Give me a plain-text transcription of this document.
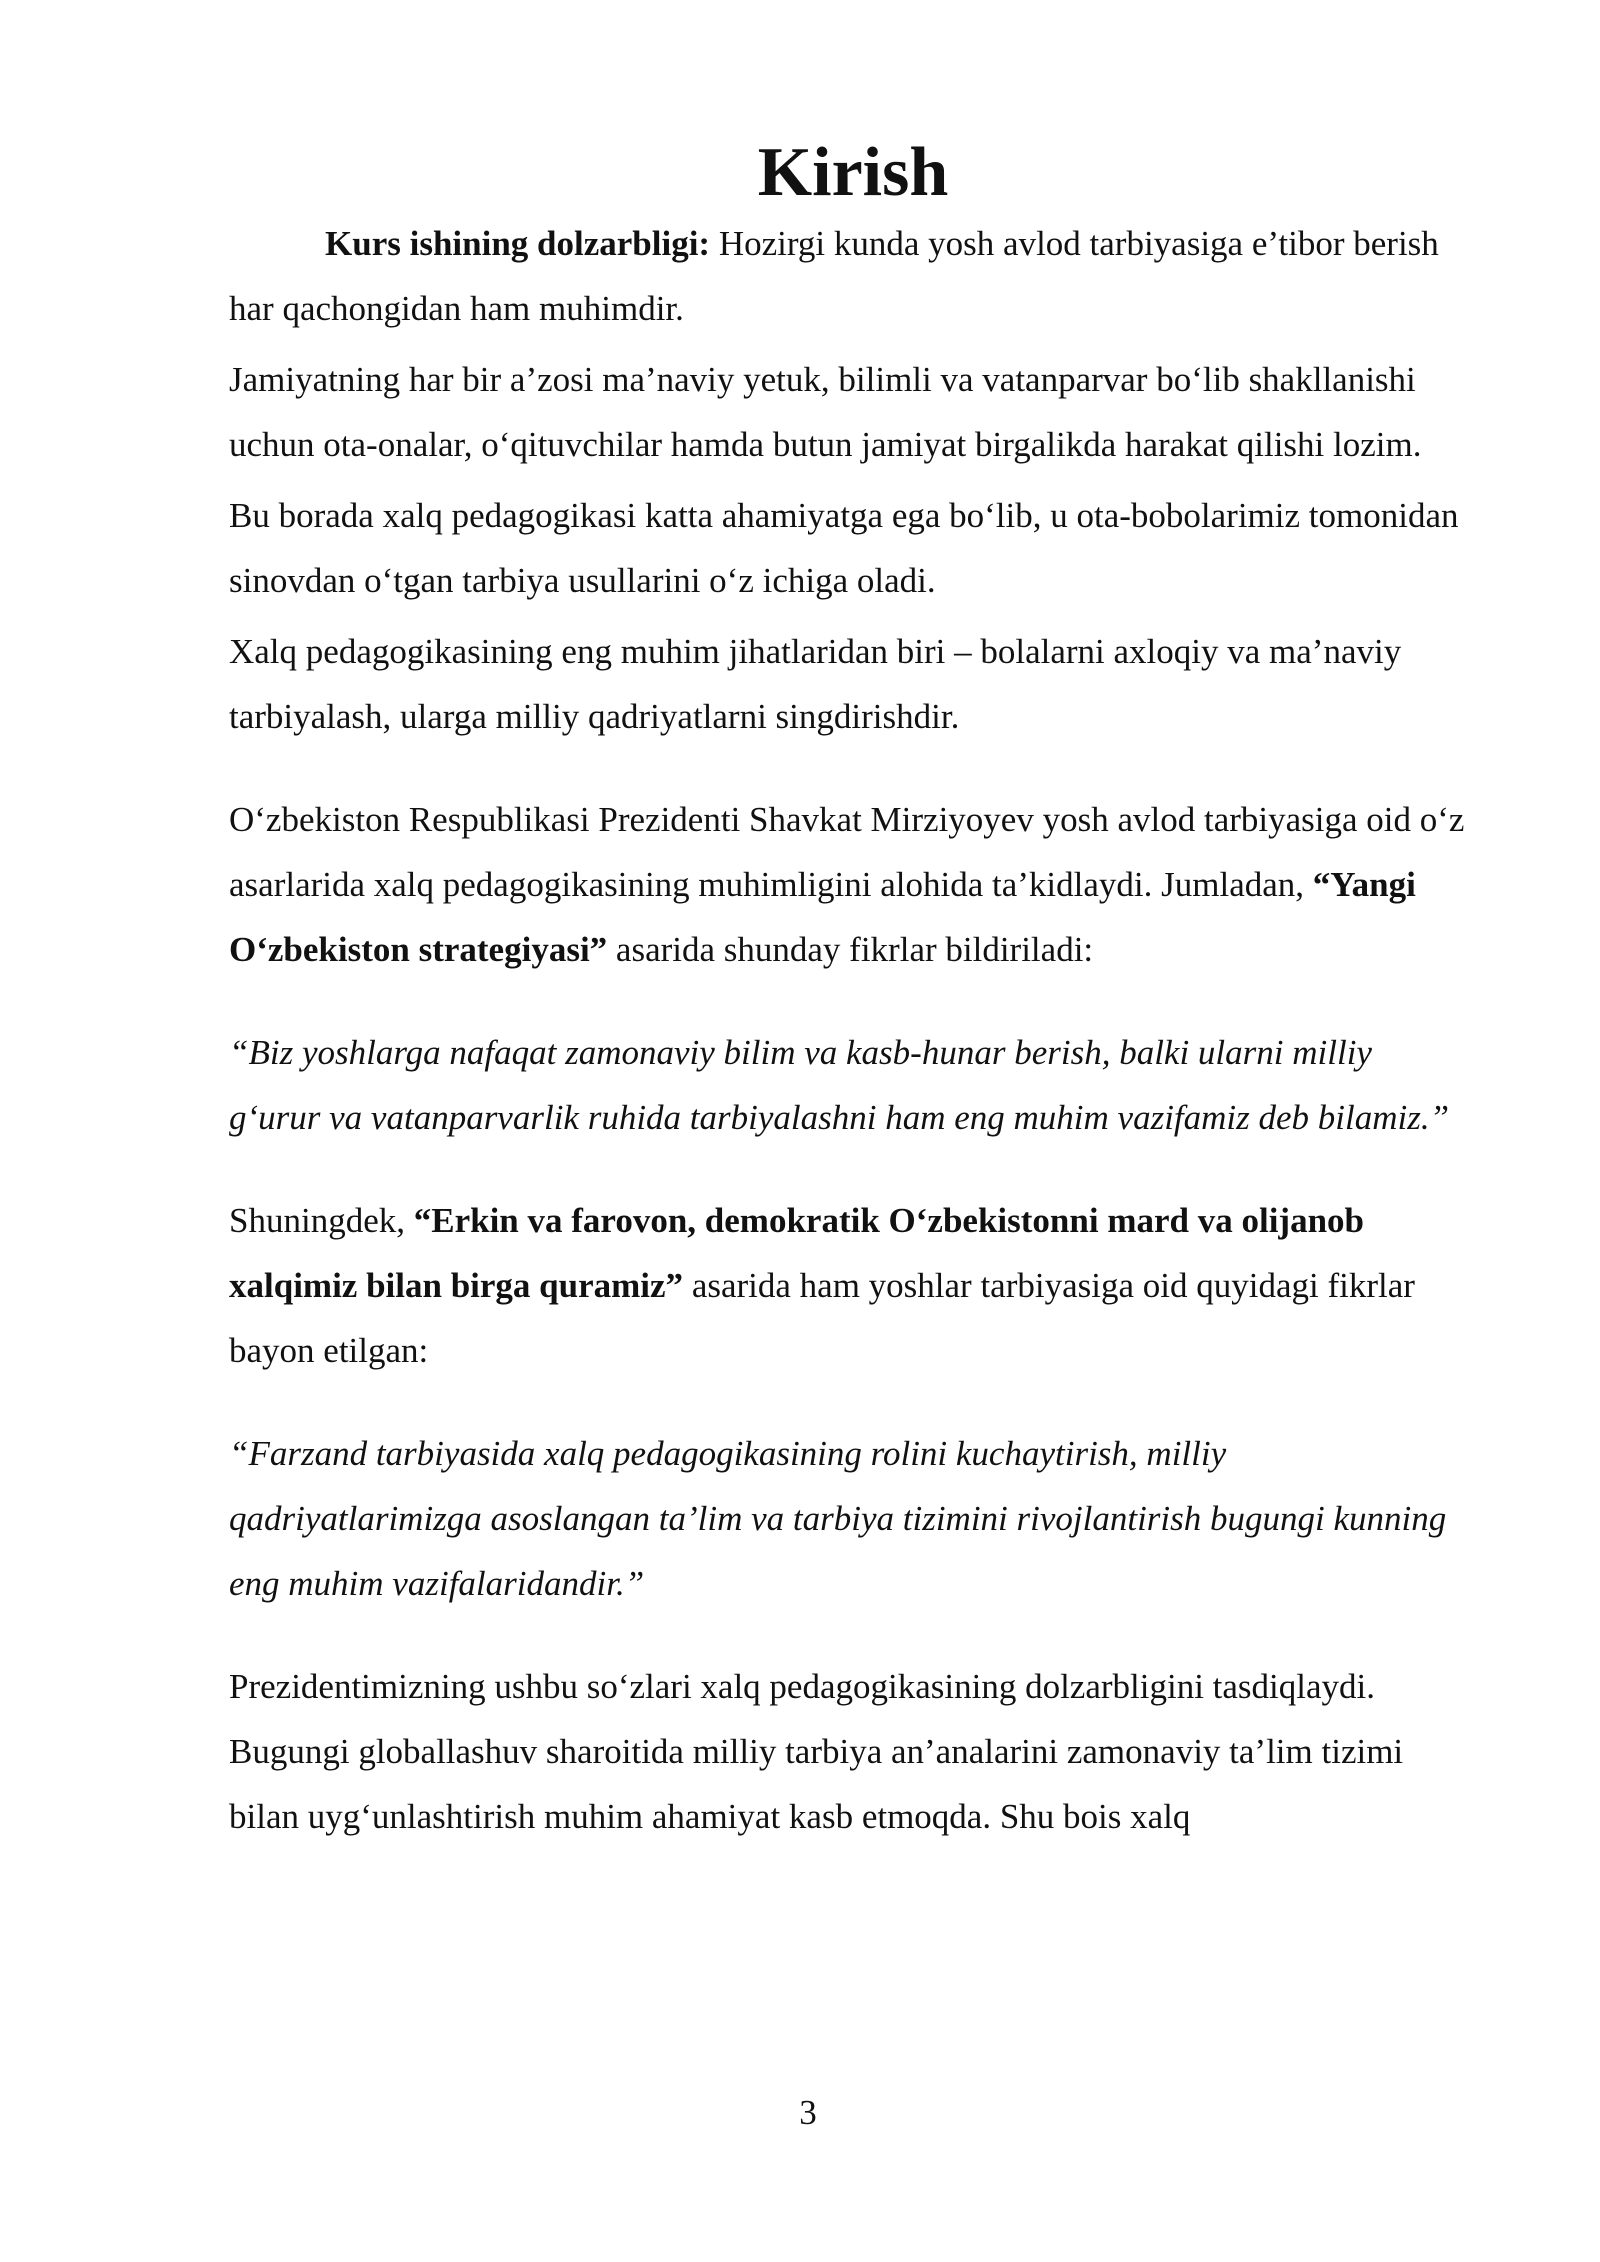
Kirish

Kurs ishining dolzarbligi: Hozirgi kunda yosh avlod tarbiyasiga e’tibor berish har qachongidan ham muhimdir.

Jamiyatning har bir a’zosi ma’naviy yetuk, bilimli va vatanparvar bo‘lib shakllanishi uchun ota-onalar, o‘qituvchilar hamda butun jamiyat birgalikda harakat qilishi lozim.

Bu borada xalq pedagogikasi katta ahamiyatga ega bo‘lib, u ota-bobolarimiz tomonidan sinovdan o‘tgan tarbiya usullarini o‘z ichiga oladi.

Xalq pedagogikasining eng muhim jihatlaridan biri – bolalarni axloqiy va ma’naviy tarbiyalash, ularga milliy qadriyatlarni singdirishdir.

O‘zbekiston Respublikasi Prezidenti Shavkat Mirziyoyev yosh avlod tarbiyasiga oid o‘z asarlarida xalq pedagogikasining muhimligini alohida ta’kidlaydi. Jumladan, “Yangi O‘zbekiston strategiyasi” asarida shunday fikrlar bildiriladi:

“Biz yoshlarga nafaqat zamonaviy bilim va kasb-hunar berish, balki ularni milliy g‘urur va vatanparvarlik ruhida tarbiyalashni ham eng muhim vazifamiz deb bilamiz.”

Shuningdek, “Erkin va farovon, demokratik O‘zbekistonni mard va olijanob xalqimiz bilan birga quramiz” asarida ham yoshlar tarbiyasiga oid quyidagi fikrlar bayon etilgan:

“Farzand tarbiyasida xalq pedagogikasining rolini kuchaytirish, milliy qadriyatlarimizga asoslangan ta’lim va tarbiya tizimini rivojlantirish bugungi kunning eng muhim vazifalaridandir.”

Prezidentimizning ushbu so‘zlari xalq pedagogikasining dolzarbligini tasdiqlaydi. Bugungi globallashuv sharoitida milliy tarbiya an’analarini zamonaviy ta’lim tizimi bilan uyg‘unlashtirish muhim ahamiyat kasb etmoqda. Shu bois xalq

3
